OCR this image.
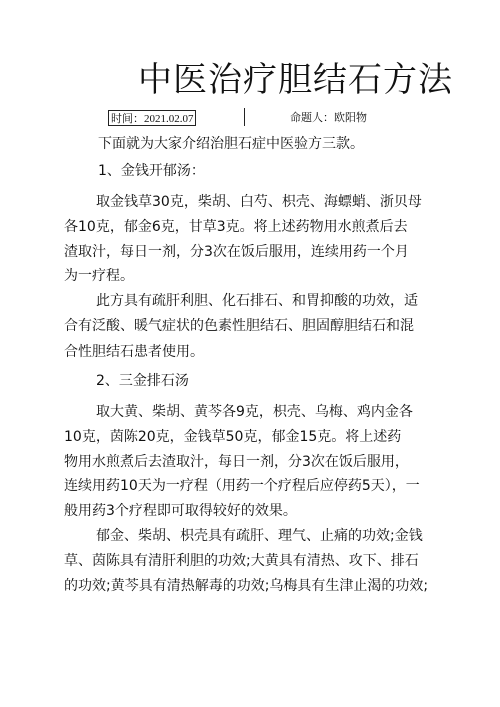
中医治疗胆结石方法
时间：2021.02.07	命题人：欧阳物
下面就为大家介绍治胆石症中医验方三款。
1、金钱开郁汤：
取金钱草30克，柴胡、白芍、枳壳、海螵蛸、浙贝母
各10克，郁金6克，甘草3克。将上述药物用水煎煮后去
渣取汁，每日一剂，分3次在饭后服用，连续用药一个月
为一疗程。
此方具有疏肝利胆、化石排石、和胃抑酸的功效，适
合有泛酸、暖气症状的色素性胆结石、胆固醇胆结石和混
合性胆结石患者使用。
2、三金排石汤
取大黄、柴胡、黄芩各9克，枳壳、乌梅、鸡内金各
10克，茵陈20克，金钱草50克，郁金15克。将上述药
物用水煎煮后去渣取汁，每日一剂，分3次在饭后服用，
连续用药10天为一疗程（用药一个疗程后应停药5天），一
般用药3个疗程即可取得较好的效果。
郁金、柴胡、枳壳具有疏肝、理气、止痛的功效;金钱
草、茵陈具有清肝利胆的功效;大黄具有清热、攻下、排石
的功效;黄芩具有清热解毒的功效;乌梅具有生津止渴的功效;
